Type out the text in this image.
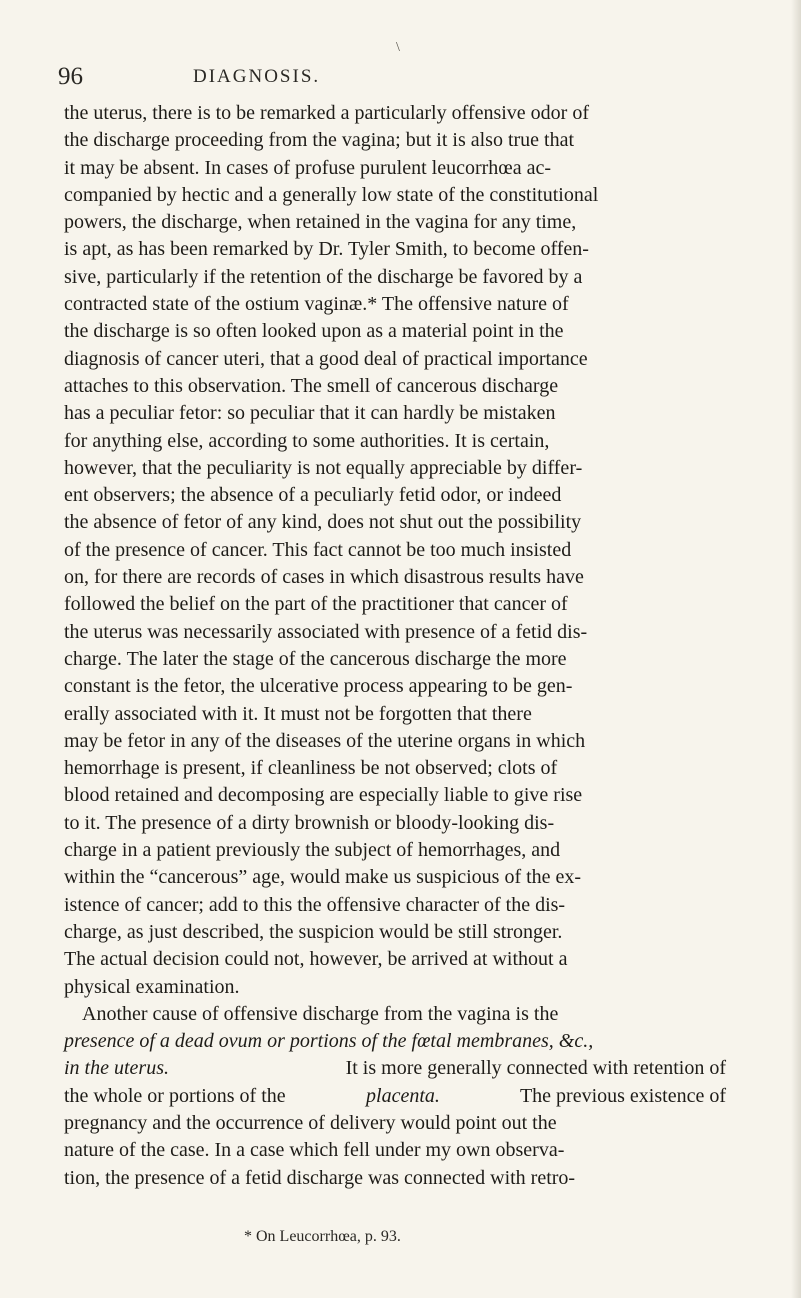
\
96	DIAGNOSIS.
the uterus, there is to be remarked a particularly offensive odor of
the discharge proceeding from the vagina; but it is also true that
it may be absent. In cases of profuse purulent leucorrhœa ac-
companied by hectic and a generally low state of the constitutional
powers, the discharge, when retained in the vagina for any time,
is apt, as has been remarked by Dr. Tyler Smith, to become offen-
sive, particularly if the retention of the discharge be favored by a
contracted state of the ostium vaginæ.* The offensive nature of
the discharge is so often looked upon as a material point in the
diagnosis of cancer uteri, that a good deal of practical importance
attaches to this observation. The smell of cancerous discharge
has a peculiar fetor: so peculiar that it can hardly be mistaken
for anything else, according to some authorities. It is certain,
however, that the peculiarity is not equally appreciable by differ-
ent observers; the absence of a peculiarly fetid odor, or indeed
the absence of fetor of any kind, does not shut out the possibility
of the presence of cancer. This fact cannot be too much insisted
on, for there are records of cases in which disastrous results have
followed the belief on the part of the practitioner that cancer of
the uterus was necessarily associated with presence of a fetid dis-
charge. The later the stage of the cancerous discharge the more
constant is the fetor, the ulcerative process appearing to be gen-
erally associated with it. It must not be forgotten that there
may be fetor in any of the diseases of the uterine organs in which
hemorrhage is present, if cleanliness be not observed; clots of
blood retained and decomposing are especially liable to give rise
to it. The presence of a dirty brownish or bloody-looking dis-
charge in a patient previously the subject of hemorrhages, and
within the “cancerous” age, would make us suspicious of the ex-
istence of cancer; add to this the offensive character of the dis-
charge, as just described, the suspicion would be still stronger.
The actual decision could not, however, be arrived at without a
physical examination.
Another cause of offensive discharge from the vagina is the
presence of a dead ovum or portions of the fœtal membranes, &c.,
in the uterus.	It is more generally connected with retention of
the whole or portions of the	placenta.	The previous existence of
pregnancy and the occurrence of delivery would point out the
nature of the case. In a case which fell under my own observa-
tion, the presence of a fetid discharge was connected with retro-
* On Leucorrhœa, p. 93.
